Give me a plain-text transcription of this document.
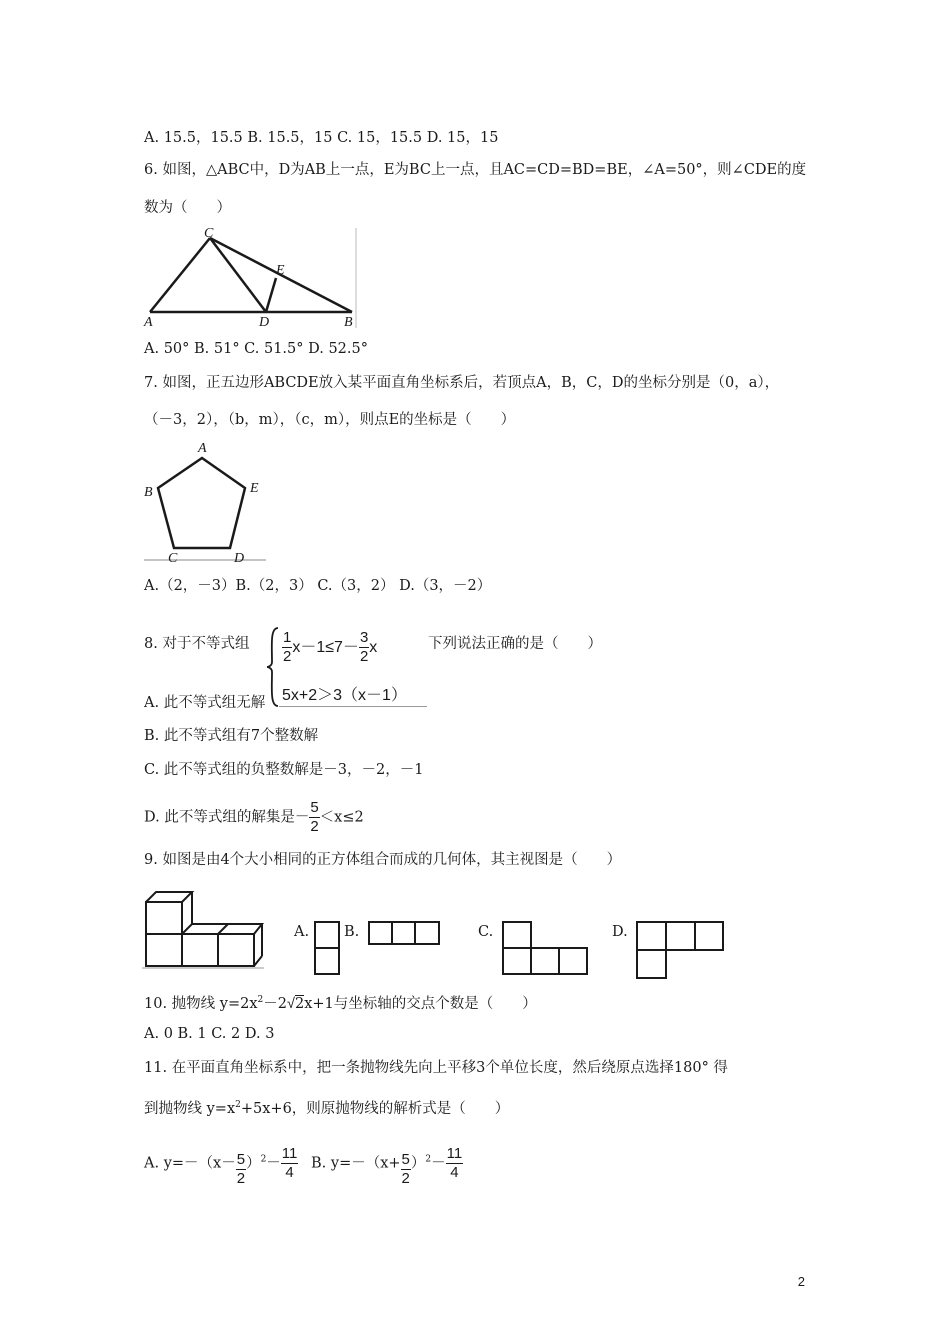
A. 15.5，15.5 B. 15.5，15 C. 15，15.5 D. 15，15
6. 如图，△ABC中，D为AB上一点，E为BC上一点，且AC=CD=BD=BE，∠A=50°，则∠CDE的度
数为（　　）
A
C
E
D	B
A. 50° B. 51° C. 51.5° D. 52.5°
7. 如图，正五边形ABCDE放入某平面直角坐标系后，若顶点A，B，C，D的坐标分别是（0，a），
（－3，2），（b，m），（c，m），则点E的坐标是（　　）
A
B	E
C	D
A.（2，－3）B.（2，3） C.（3，2） D.（3，－2）
8. 对于不等式组 $\frac{1}{2} x-1\le 7- \frac{3}{2}$ x
5x+2＞3（x－1）
下列说法正确的是（　　）
A. 此不等式组无解
B. 此不等式组有7个整数解
C. 此不等式组的负整数解是－3，－2，－1
D. 此不等式组的解集是－ $\frac{5}{2} <x\le 2$
9. 如图是由4个大小相同的正方体组合而成的几何体，其主视图是（　　）
A. B.	C.	D.
10. 抛物线 $y=2x^2-2√2x+1$与坐标轴的交点个数是（　　）
A. 0 B. 1 C. 2 D. 3
11. 在平面直角坐标系中，把一条抛物线先向上平移3个单位长度，然后绕原点选择180° 得
到抛物线 $y=x^2+5x+6$，则原抛物线的解析式是（　　）
A. $y=-(x- \frac{5}{2} )^2- \frac{11}{4} B$. $y=-(x+ \frac{5}{2} )^2- \frac{11}{4}$
2
